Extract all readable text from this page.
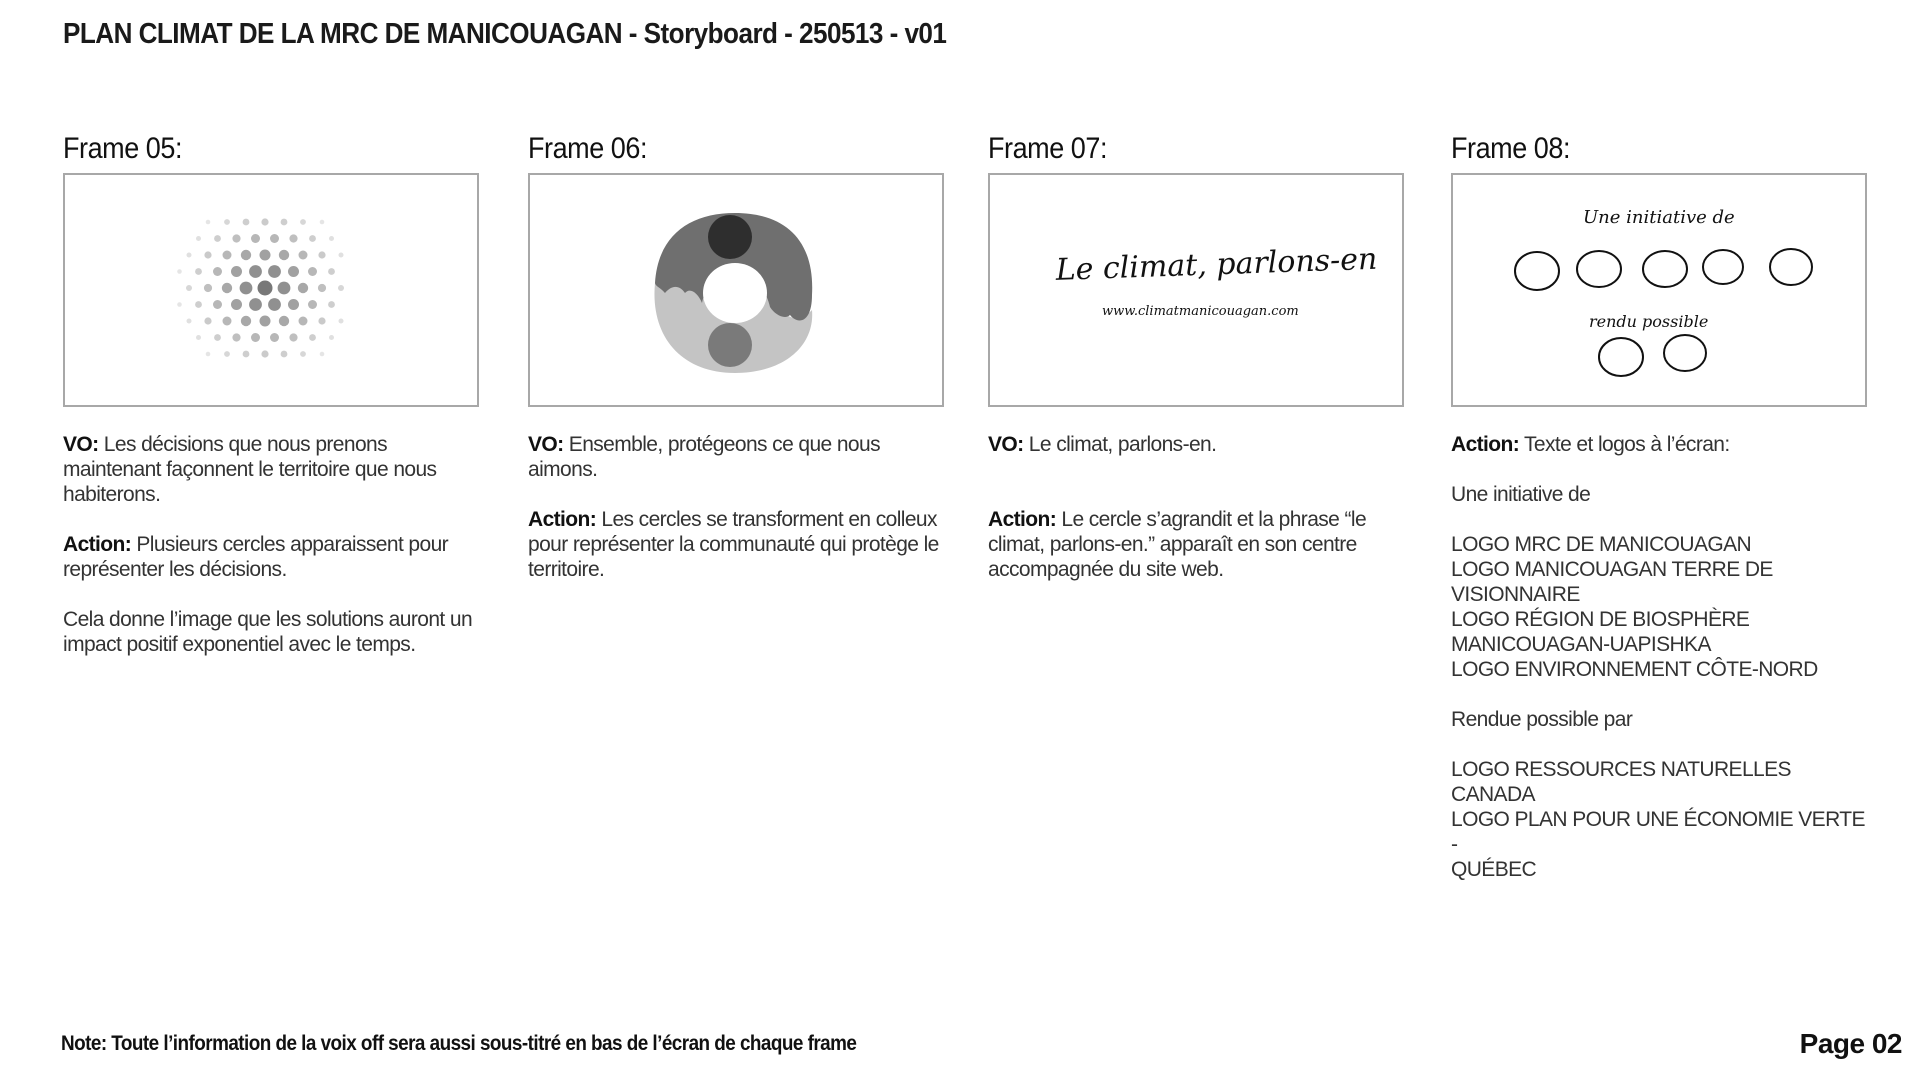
PLAN CLIMAT DE LA MRC DE MANICOUAGAN - Storyboard - 250513 - v01
Frame 05:
VO: Les décisions que nous prenons maintenant façonnent le territoire que nous habiterons.
Action: Plusieurs cercles apparaissent pour représenter les décisions.
Cela donne l’image que les solutions auront un impact positif exponentiel avec le temps.
Frame 06:
VO: Ensemble, protégeons ce que nous aimons.
Action: Les cercles se transforment en colleux pour représenter la communauté qui protège le territoire.
Frame 07:
Le climat, parlons-en
www.climatmanicouagan.com
VO: Le climat, parlons-en.
Action: Le cercle s’agrandit et la phrase “le climat, parlons-en.” apparaît en son centre accompagnée du site web.
Frame 08:
Une initiative de
rendu possible
Action: Texte et logos à l’écran:
Une initiative de
LOGO MRC DE MANICOUAGAN
LOGO MANICOUAGAN TERRE DE VISIONNAIRE
LOGO RÉGION DE BIOSPHÈRE
MANICOUAGAN-UAPISHKA
LOGO ENVIRONNEMENT CÔTE-NORD
Rendue possible par
LOGO RESSOURCES NATURELLES CANADA
LOGO PLAN POUR UNE ÉCONOMIE VERTE -
QUÉBEC
Note: Toute l’information de la voix off sera aussi sous-titré en bas de l’écran de chaque frame	Page 02
